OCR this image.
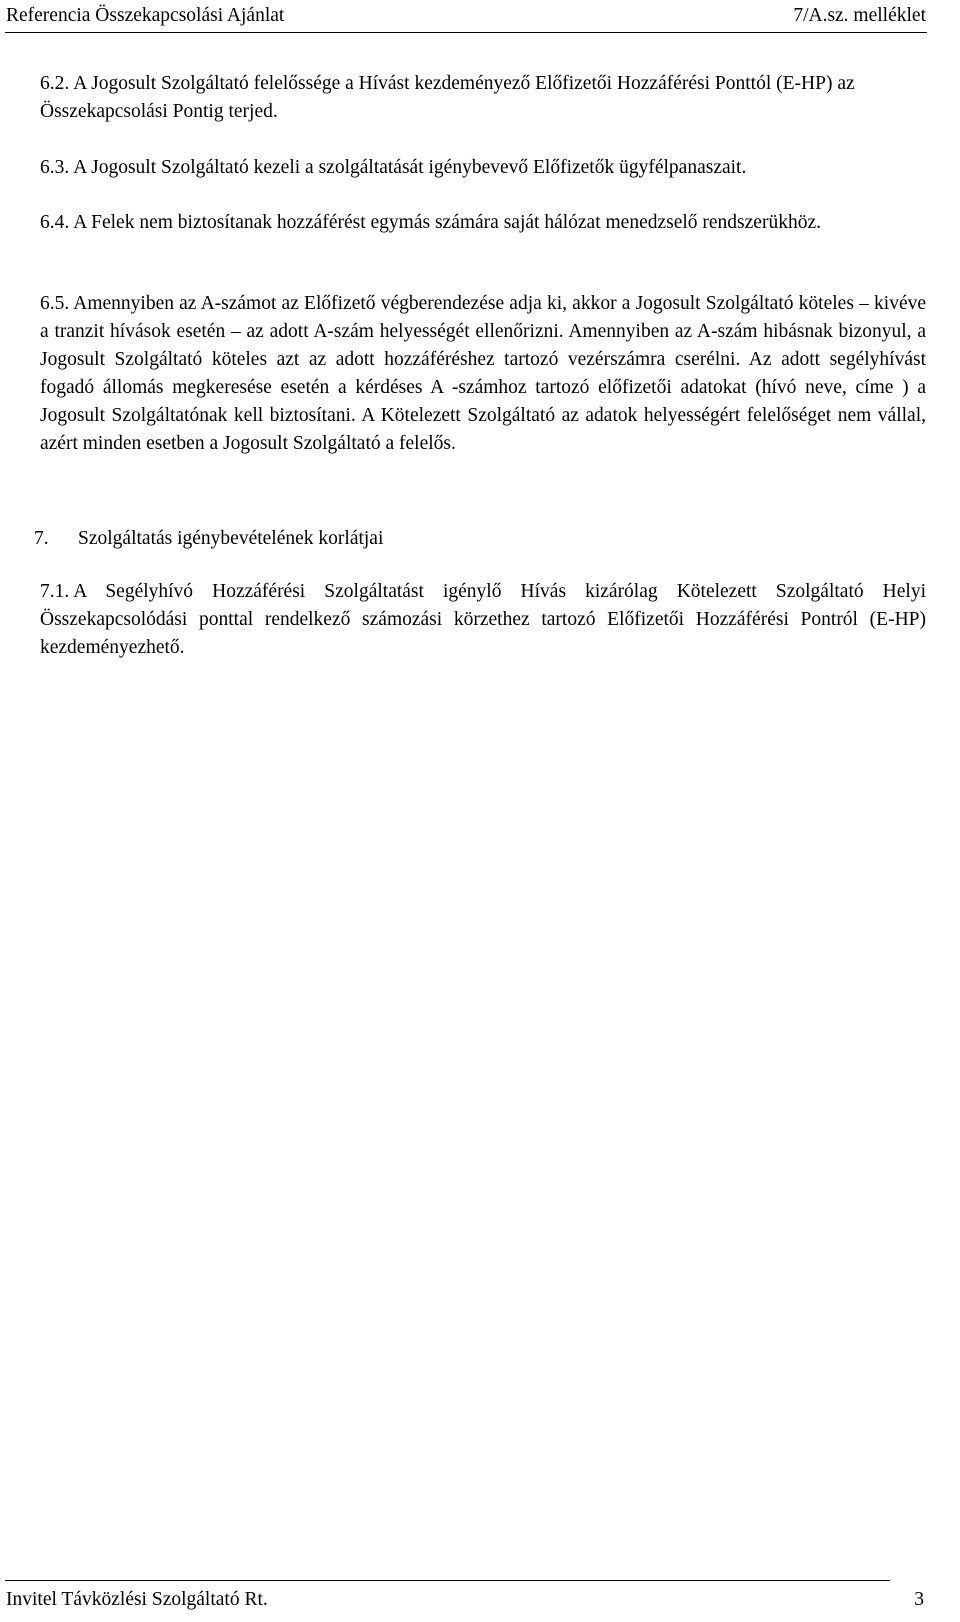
Referencia Összekapcsolási Ajánlat	7/A.sz. melléklet

6.2. A Jogosult Szolgáltató felelőssége a Hívást kezdeményező Előfizetői Hozzáférési Ponttól (E-HP) az Összekapcsolási Pontig terjed.

6.3. A Jogosult Szolgáltató kezeli a szolgáltatását igénybevevő Előfizetők ügyfélpanaszait.

6.4. A Felek nem biztosítanak hozzáférést egymás számára saját hálózat menedzselő rendszerükhöz.

6.5. Amennyiben az A-számot az Előfizető végberendezése adja ki, akkor a Jogosult Szolgáltató köteles – kivéve a tranzit hívások esetén – az adott A-szám helyességét ellenőrizni. Amennyiben az A-szám hibásnak bizonyul, a Jogosult Szolgáltató köteles azt az adott hozzáféréshez tartozó vezérszámra cserélni. Az adott segélyhívást fogadó állomás megkeresése esetén a kérdéses A -számhoz tartozó előfizetői adatokat (hívó neve, címe ) a Jogosult Szolgáltatónak kell biztosítani. A Kötelezett Szolgáltató az adatok helyességért felelőséget nem vállal, azért minden esetben a Jogosult Szolgáltató a felelős.

7. Szolgáltatás igénybevételének korlátjai

7.1. A Segélyhívó Hozzáférési Szolgáltatást igénylő Hívás kizárólag Kötelezett Szolgáltató Helyi Összekapcsolódási ponttal rendelkező számozási körzethez tartozó Előfizetői Hozzáférési Pontról (E-HP) kezdeményezhető.

Invitel Távközlési Szolgáltató Rt.	3
